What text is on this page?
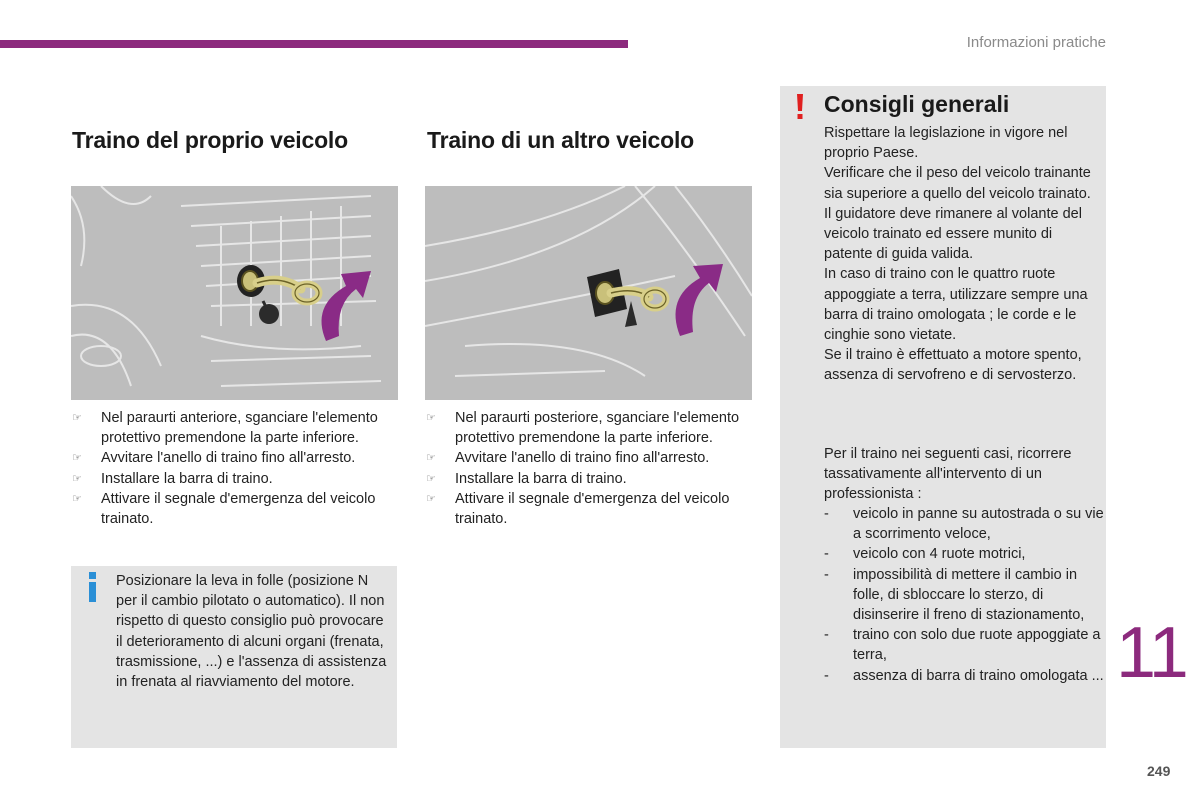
Informazioni pratiche
Traino del proprio veicolo
☞ Nel paraurti anteriore, sganciare l'elemento protettivo premendone la parte inferiore.
☞ Avvitare l'anello di traino fino all'arresto.
☞ Installare la barra di traino.
☞ Attivare il segnale d'emergenza del veicolo trainato.
Posizionare la leva in folle (posizione N per il cambio pilotato o automatico). Il non rispetto di questo consiglio può provocare il deterioramento di alcuni organi (frenata, trasmissione, ...) e l'assenza di assistenza in frenata al riavviamento del motore.
Traino di un altro veicolo
☞ Nel paraurti posteriore, sganciare l'elemento protettivo premendone la parte inferiore.
☞ Avvitare l'anello di traino fino all'arresto.
☞ Installare la barra di traino.
☞ Attivare il segnale d'emergenza del veicolo trainato.
Consigli generali

Rispettare la legislazione in vigore nel proprio Paese.

Verificare che il peso del veicolo trainante sia superiore a quello del veicolo trainato.

Il guidatore deve rimanere al volante del veicolo trainato ed essere munito di patente di guida valida.

In caso di traino con le quattro ruote appoggiate a terra, utilizzare sempre una barra di traino omologata ; le corde e le cinghie sono vietate.

Se il traino è effettuato a motore spento, assenza di servofreno e di servosterzo.

Per il traino nei seguenti casi, ricorrere tassativamente all'intervento di un professionista :
- veicolo in panne su autostrada o su vie a scorrimento veloce,
- veicolo con 4 ruote motrici,
- impossibilità di mettere il cambio in folle, di sbloccare lo sterzo, di disinserire il freno di stazionamento,
- traino con solo due ruote appoggiate a terra,
- assenza di barra di traino omologata ... 11
249
